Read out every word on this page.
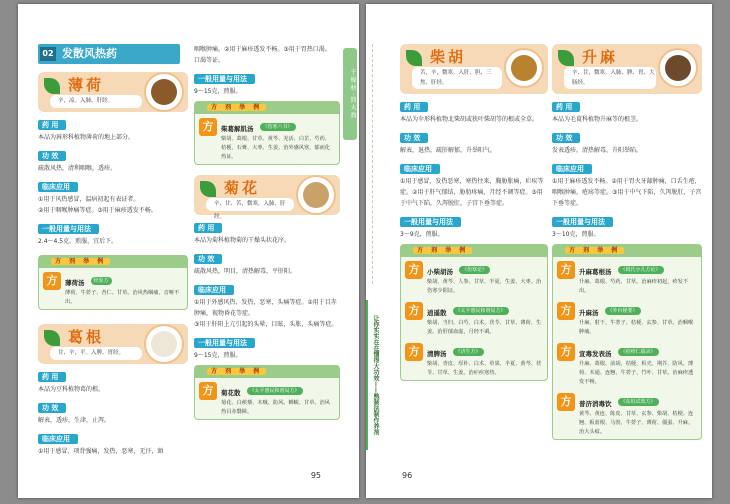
02 发散风热药
薄荷
辛，凉。入肺、肝经。
药 用
本品为唇形科植物薄荷的地上部分。
功 效
疏散风热，清利咽喉，透疹。
临床应用
①用于风热感冒，温病初起有表证者。
②用于咽喉肿痛等症。③用于麻疹透发不畅。
一般用量与用法
2.4～4.5克。煎服，宜后下。
方 剂 举 例
方	薄荷汤 经验方
薄荷、牛蒡子、杏仁、甘草。治风热咽痛，音哑不出。
葛根
甘、辛，平。入脾、胃经。
药 用
本品为豆科植物葛的根。
功 效
解表，透疹，生津，止泻。
临床应用
①用于感冒，项背强痛，发热，恶寒，无汗，頭
咽喉肿痛。②用于麻疹透发不畅。③用于胃热口渴。
口渴等证。
一般用量与用法
9～15克，煎服。
方 剂 举 例
方	柴葛解肌汤 《伤寒六书》
柴胡、葛根、甘草、黄芩、羌活、白芷、芍药、桔梗、石膏、大枣、生姜。治外感风寒，郁而化热证。
菊花
辛、甘、苦，微寒。入肺、肝经。
药 用
本品为菊科植物菊的干燥头状花序。
功 效
疏散风热，明目，清热解毒，平肝阳。
临床应用
①用于外感风热，发热，恶寒，头痛等症。②用于目赤肿痛，视物昏花等症。
③用于肝阳上亢引起的头晕，目眩，头胀，头痛等症。
一般用量与用法
9～15克，煎服。
方 剂 举 例
方	菊花散 《太平惠民和剂局方》
菊花、白蒺藜、木贼、防风、蝉蜕、甘草。治风热目赤翳障。
千 燥 材 · 简 大 典
95
让你实实在在懂得大功效——熟制法制作养剂
柴胡
苦，辛，微寒。入肝、胆、三焦、肝经。
药 用
本品为伞形科植物北柴胡或狭叶柴胡等的根或全草。
功 效
解表，退热，疏肝解郁，升举阳气。
临床应用
①用于感冒，发热恶寒，寒热往来，胸胁胀痛，疟疾等症。②用于肝气郁结，胁肋疼痛，月经不调等症。③用于中气下陷，久泻脱肛，子宫下垂等症。
一般用量与用法
3～9克，煎服。
方 剂 举 例
方	小柴胡汤 《伤寒论》
柴胡、黄芩、人参、甘草、半夏、生姜、大枣。治伤寒少阳证。
方	逍遥散 《太平惠民和剂局方》
柴胡、当归、白芍、白术、茯苓、甘草、薄荷、生姜。治肝郁血虚，月经不调。
方	清脾汤 《济生方》
柴胡、青皮、厚朴、白术、草果、半夏、黄芩、茯苓、甘草、生姜。治疟疾寒热。
升麻
辛、甘，微寒。入肺、脾、胃、大肠经。
药 用
本品为毛茛科植物升麻等的根茎。
功 效
发表透疹，清热解毒，升阳举陷。
临床应用
①用于麻疹透发不畅。②用于胃火牙龈肿痛，口舌生疮，咽喉肿痛，疮疡等症。③用于中气下陷，久泻脱肛，子宫下垂等症。
一般用量与用法
3～10克，煎服。
方 剂 举 例
方	升麻葛根汤 《阎氏小儿方论》
升麻、葛根、芍药、甘草。治麻疹初起，疹发不出。
方	升麻汤 《外台秘要》
升麻、射干、牛蒡子、桔梗、玄参、甘草。治咽喉肿痛。
方	宣毒发表汤 《痘疹仁端录》
升麻、葛根、前胡、桔梗、枳壳、荆芥、防风、薄荷、木通、连翘、牛蒡子、竹叶、甘草。治麻疹透发不畅。
方	普济消毒饮 《东垣试效方》
黄芩、黄连、陈皮、甘草、玄参、柴胡、桔梗、连翘、板蓝根、马勃、牛蒡子、薄荷、僵蚕、升麻。治大头瘟。
96
